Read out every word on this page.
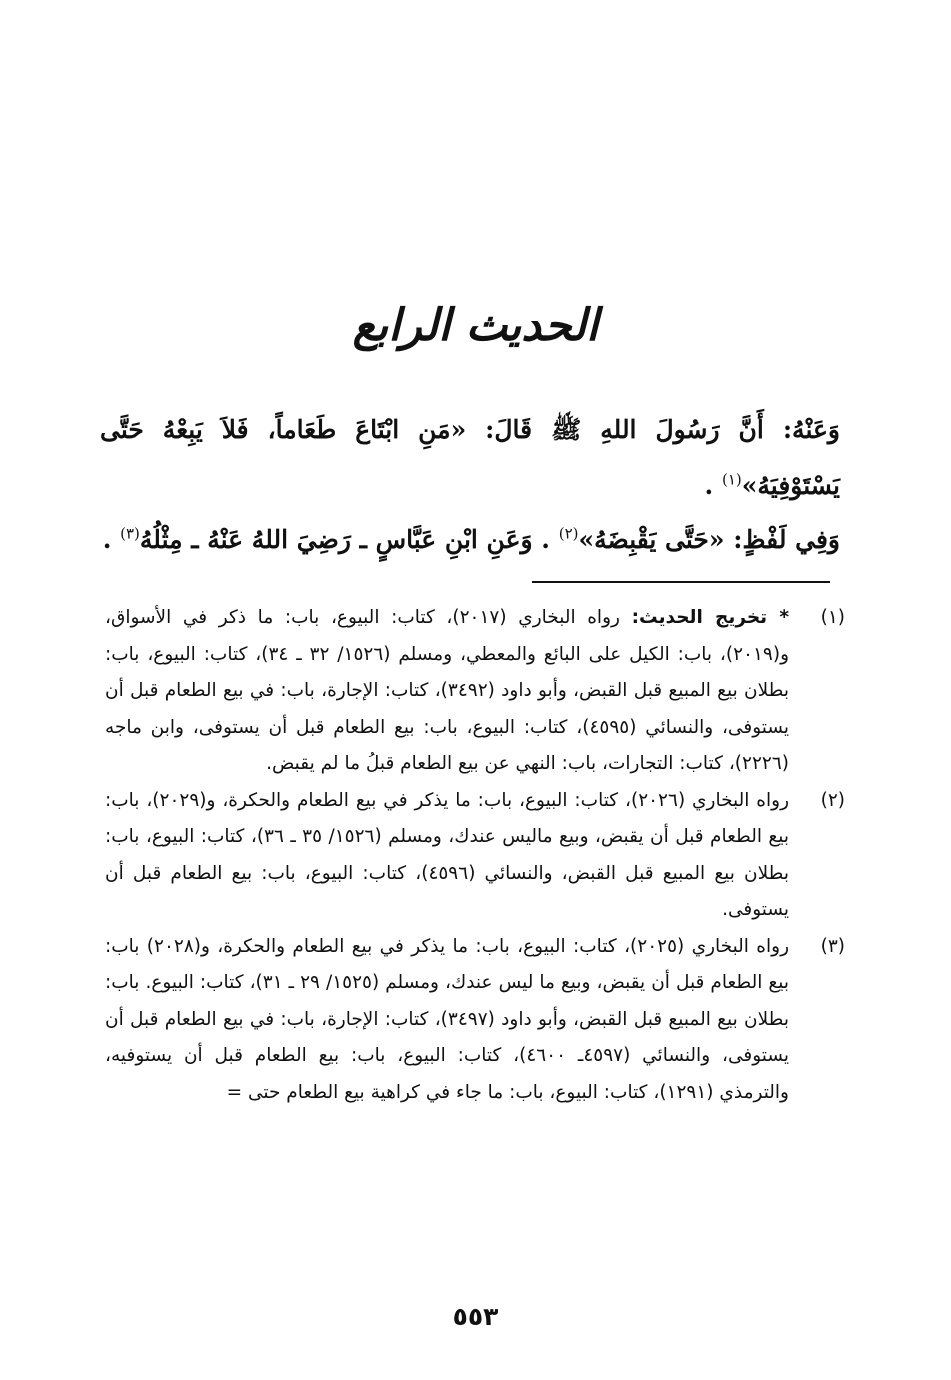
الحديث الرابع
وَعَنْهُ: أَنَّ رَسُولَ اللهِ ﷺ قَالَ: «مَنِ ابْتَاعَ طَعَاماً، فَلاَ يَبِعْهُ حَتَّى يَسْتَوْفِيَهُ»$^{(١)}$ .
وَفِي لَفْظٍ: «حَتَّى يَقْبِضَهُ»$^{(٢)}$ . وَعَنِ ابْنِ عَبَّاسٍ ـ رَضِيَ اللهُ عَنْهُ ـ مِثْلُهُ$^{(٣)}$ .
(١)
* تخريج الحديث: رواه البخاري (٢٠١٧)، كتاب: البيوع، باب: ما ذكر في الأسواق، و(٢٠١٩)، باب: الكيل على البائع والمعطي، ومسلم (١٥٢٦/ ٣٢ ـ ٣٤)، كتاب: البيوع، باب: بطلان بيع المبيع قبل القبض، وأبو داود (٣٤٩٢)، كتاب: الإجارة، باب: في بيع الطعام قبل أن يستوفى، والنسائي (٤٥٩٥)، كتاب: البيوع، باب: بيع الطعام قبل أن يستوفى، وابن ماجه (٢٢٢٦)، كتاب: التجارات، باب: النهي عن بيع الطعام قبلُ ما لم يقبض.
(٢)
رواه البخاري (٢٠٢٦)، كتاب: البيوع، باب: ما يذكر في بيع الطعام والحكرة، و(٢٠٢٩)، باب: بيع الطعام قبل أن يقبض، وبيع ماليس عندك، ومسلم (١٥٢٦/ ٣٥ ـ ٣٦)، كتاب: البيوع، باب: بطلان بيع المبيع قبل القبض، والنسائي (٤٥٩٦)، كتاب: البيوع، باب: بيع الطعام قبل أن يستوفى.
(٣)
رواه البخاري (٢٠٢٥)، كتاب: البيوع، باب: ما يذكر في بيع الطعام والحكرة، و(٢٠٢٨) باب: بيع الطعام قبل أن يقبض، وبيع ما ليس عندك، ومسلم (١٥٢٥/ ٢٩ ـ ٣١)، كتاب: البيوع. باب: بطلان بيع المبيع قبل القبض، وأبو داود (٣٤٩٧)، كتاب: الإجارة، باب: في بيع الطعام قبل أن يستوفى، والنسائي (٤٥٩٧ـ ٤٦٠٠)، كتاب: البيوع، باب: بيع الطعام قبل أن يستوفيه، والترمذي (١٢٩١)، كتاب: البيوع، باب: ما جاء في كراهية بيع الطعام حتى =
٥٥٣
